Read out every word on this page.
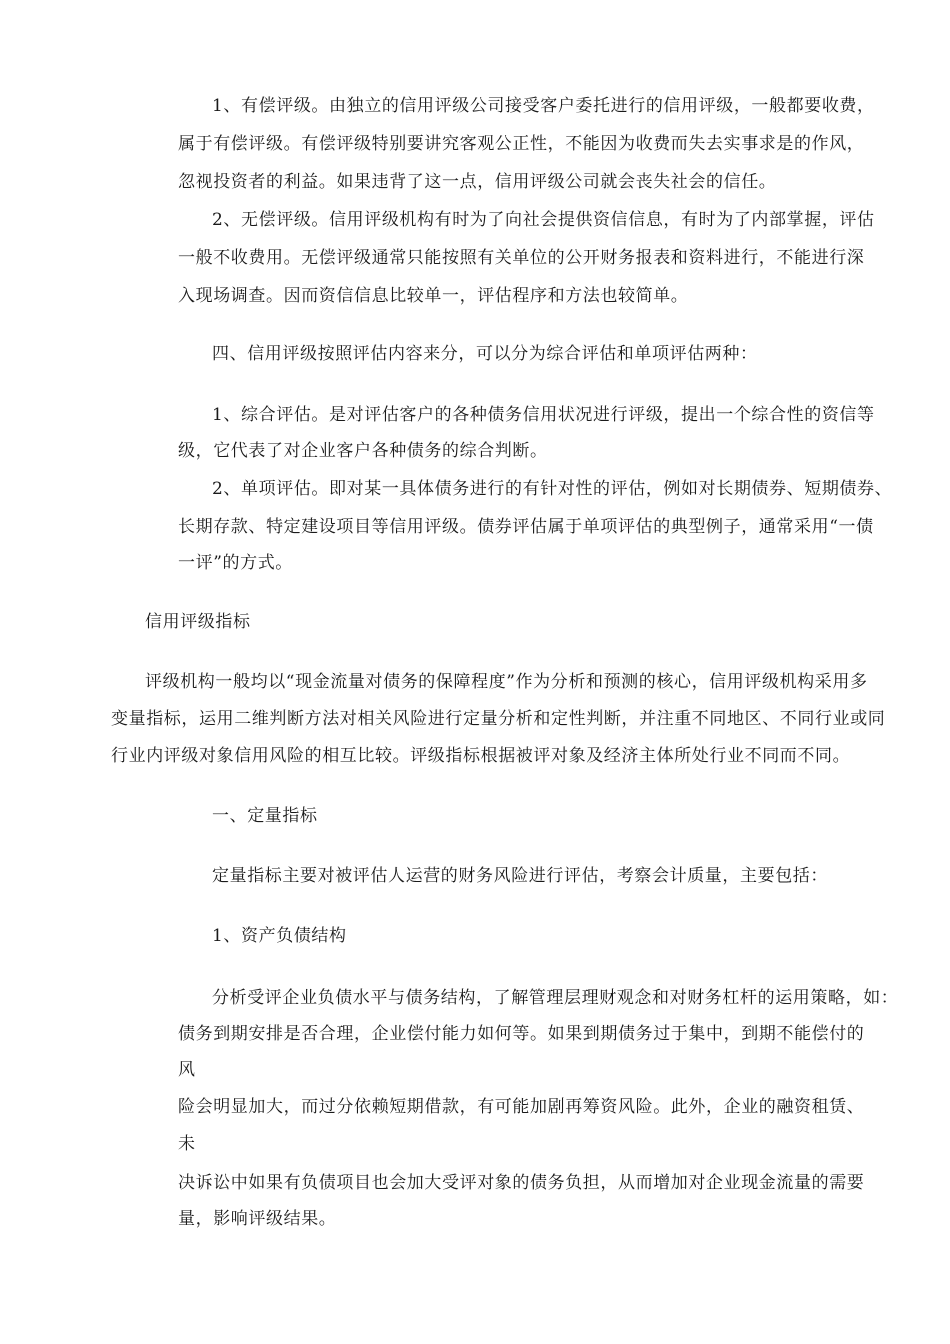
1、有偿评级。由独立的信用评级公司接受客户委托进行的信用评级，一般都要收费，
属于有偿评级。有偿评级特别要讲究客观公正性，不能因为收费而失去实事求是的作风，
忽视投资者的利益。如果违背了这一点，信用评级公司就会丧失社会的信任。
2、无偿评级。信用评级机构有时为了向社会提供资信信息，有时为了内部掌握，评估
一般不收费用。无偿评级通常只能按照有关单位的公开财务报表和资料进行，不能进行深
入现场调查。因而资信信息比较单一，评估程序和方法也较简单。
四、信用评级按照评估内容来分，可以分为综合评估和单项评估两种：
1、综合评估。是对评估客户的各种债务信用状况进行评级，提出一个综合性的资信等
级，它代表了对企业客户各种债务的综合判断。
2、单项评估。即对某一具体债务进行的有针对性的评估，例如对长期债券、短期债券、
长期存款、特定建设项目等信用评级。债券评估属于单项评估的典型例子，通常采用“一债
一评”的方式。
信用评级指标
评级机构一般均以“现金流量对债务的保障程度”作为分析和预测的核心，信用评级机构采用多
变量指标，运用二维判断方法对相关风险进行定量分析和定性判断，并注重不同地区、不同行业或同
行业内评级对象信用风险的相互比较。评级指标根据被评对象及经济主体所处行业不同而不同。
一、定量指标
定量指标主要对被评估人运营的财务风险进行评估，考察会计质量，主要包括：
1、资产负债结构
分析受评企业负债水平与债务结构，了解管理层理财观念和对财务杠杆的运用策略，如：
债务到期安排是否合理，企业偿付能力如何等。如果到期债务过于集中，到期不能偿付的
风
险会明显加大，而过分依赖短期借款，有可能加剧再筹资风险。此外，企业的融资租赁、
未
决诉讼中如果有负债项目也会加大受评对象的债务负担，从而增加对企业现金流量的需要
量，影响评级结果。
